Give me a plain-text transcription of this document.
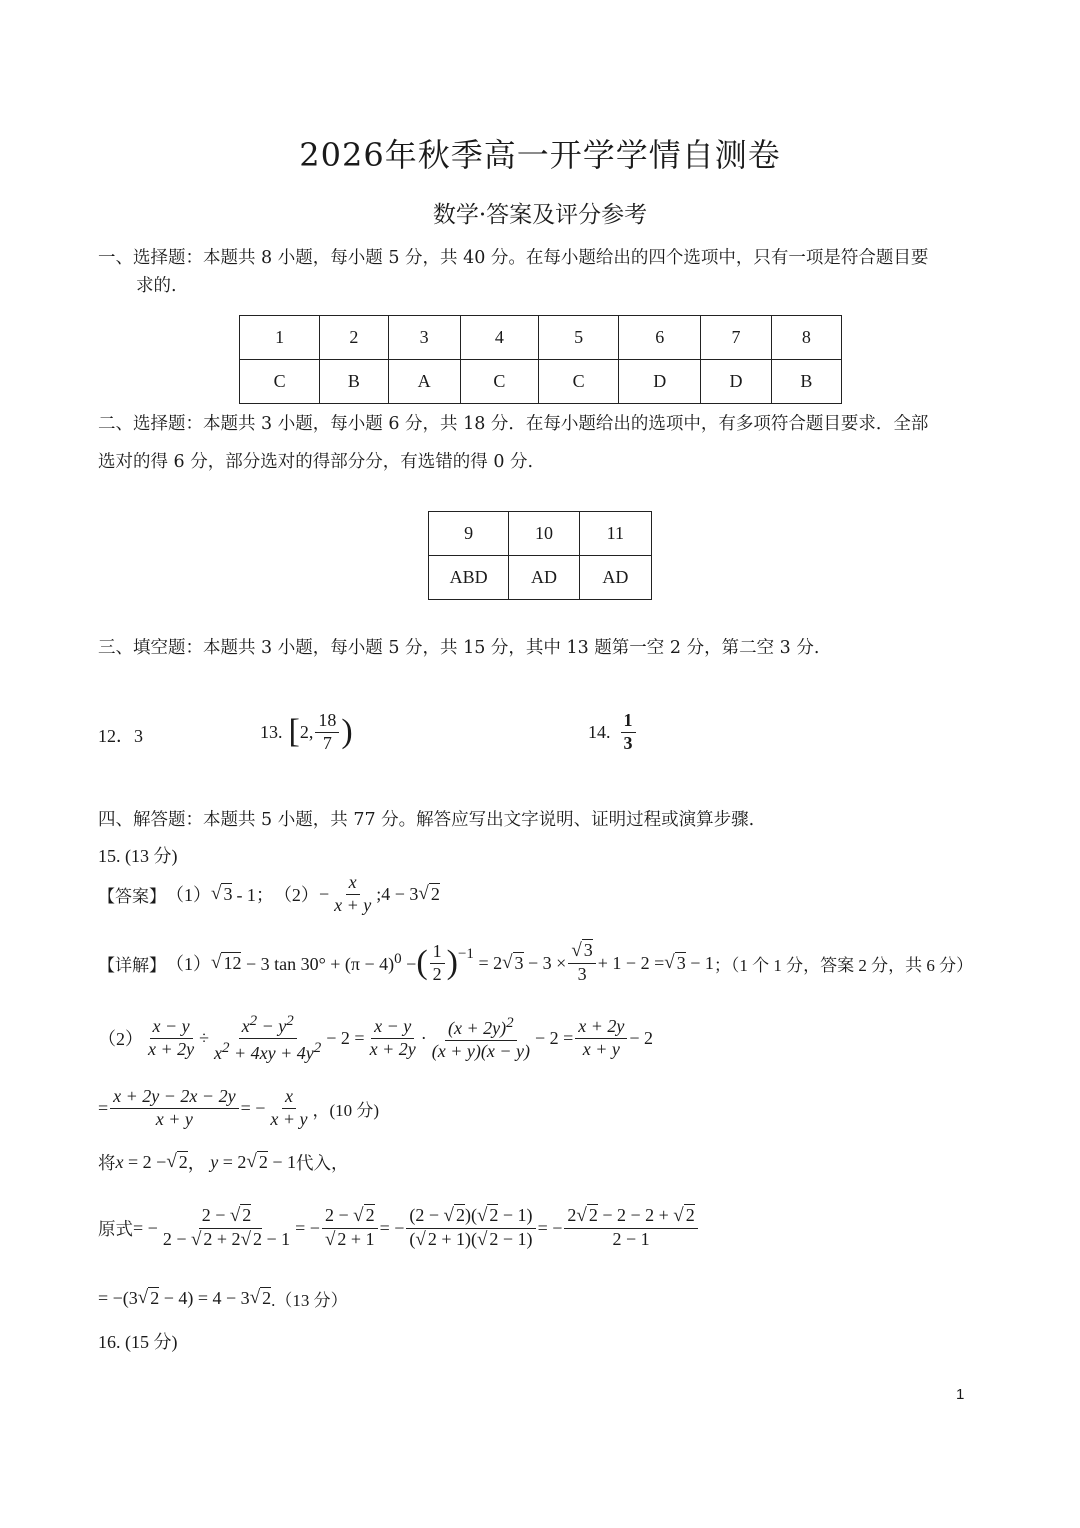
2026年秋季高一开学学情自测卷
数学·答案及评分参考
一、选择题：本题共 8 小题，每小题 5 分，共 40 分。在每小题给出的四个选项中，只有一项是符合题目要
求的.
1	2	3	4	5	6	7	8
C	B	A	C	C	D	D	B
二、选择题：本题共 3 小题，每小题 6 分，共 18 分．在每小题给出的选项中，有多项符合题目要求．全部
选对的得 6 分，部分选对的得部分分，有选错的得 0 分.
9	10	11
ABD	AD	AD
三、填空题：本题共 3 小题，每小题 5 分，共 15 分，其中 13 题第一空 2 分，第二空 3 分.
12．3	13. [ 2, $\frac{18}{7}$ )	14. $\frac{1}{3}$
四、解答题：本题共 5 小题，共 77 分。解答应写出文字说明、证明过程或演算步骤.
15. (13 分)
【答案】 （1） √ 3 - 1； $(2) - \frac{x}{x + y}$ ; 4 − 3 √ 2
【详解】 （1） √ 12 − 3 $\tan 30^\circ + (\pi - 4)^0$ − ( $\frac{1}{2} )^{-1} = 2$ √ $3 - 3 \times \frac{√ 3}{3} + 1 - 2$ = √ 3 − 1 ；（1 个 1 分，答案 2 分，共 6 分）
$(2) \frac{x - y}{x + 2y} \div \frac{x^2 - y^2}{x^2 + 4xy + 4y^2} - 2 = \frac{x - y}{x + 2y} \cdot \frac{(x + 2y)^2}{(x + y)(x - y)} - 2 = \frac{x + 2y}{x + y} - 2$
= $\frac{x + 2y - 2x - 2y}{x + y}$ = − $\frac{x}{x + y}$ ，(10 分)
将 x = 2 − √ 2 ， y = 2 √ 2 − 1 代入，
原式 = − $\frac{2 - √ 2}{2 - √ 2 + 2√ 2 - 1}$ = − $\frac{2 - √ 2}{√ 2 + 1}$ = − $\frac{(2 - √ 2)(√ 2 - 1)}{(√ 2 + 1)(√ 2 - 1)}$ = − $\frac{2√ 2 - 2 - 2 + √ 2}{2 - 1}$
= −(3 √ 2 − 4) = 4 − 3 √ 2 .（13 分）
16. (15 分)
1
